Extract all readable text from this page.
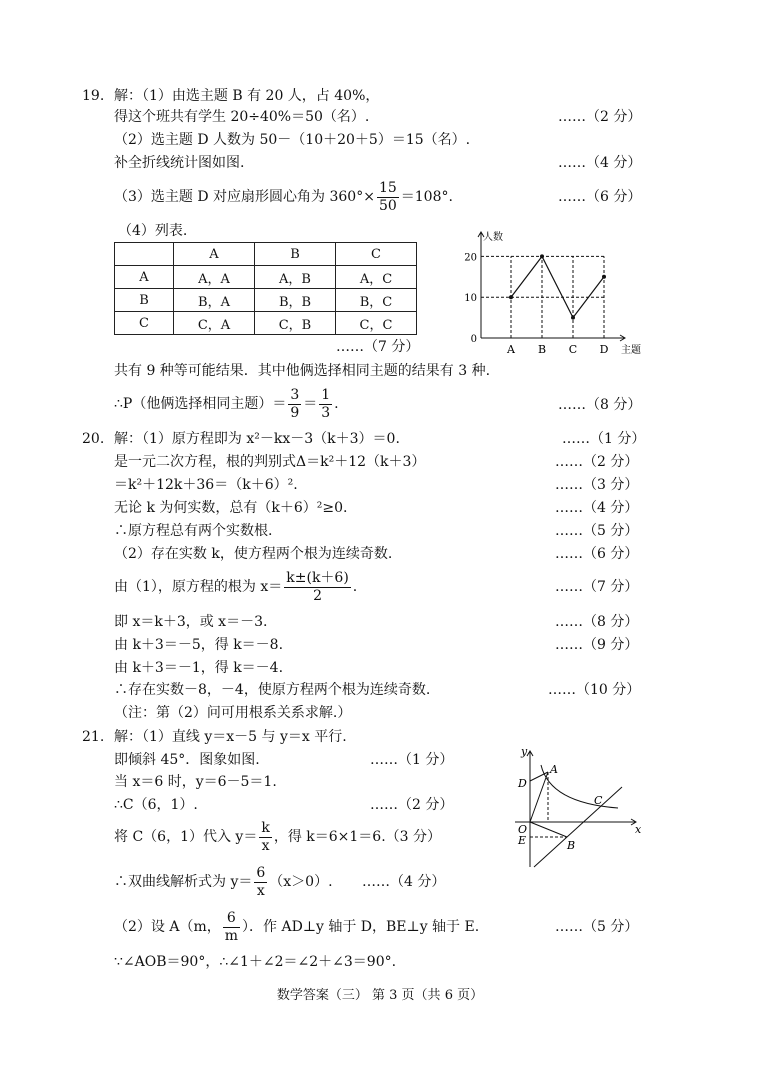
19. 解：（1）由选主题 B 有 20 人，占 40%，
得这个班共有学生 20÷40%＝50（名）.	……（2 分）
（2）选主题 D 人数为 50－（10＋20＋5）＝15（名）.
补全折线统计图如图.	……（4 分）
（3）选主题 D 对应扇形圆心角为 $360^\circ\times \frac{15}{50} =108^\circ$.	……（6 分）
（4）列表.
	A	B	C
A	A，A	A，B	A，C
B	B，A	B，B	B，C
C	C，A	C，B	C，C
……（7 分）	0
10
20
A B C D
人数
主题
共有 9 种等可能结果．其中他俩选择相同主题的结果有 3 种.
∴P（他俩选择相同主题）＝ $\frac{3}{9} = \frac{1}{3}$ .	……（8 分）
20. 解：（1）原方程即为 x²－kx－3（k＋3）＝0.	……（1 分）
是一元二次方程，根的判别式Δ＝k²＋12（k＋3）	……（2 分）
＝k²＋12k＋36＝（k＋6）².	……（3 分）
无论 k 为何实数，总有（k＋6）²≥0.	……（4 分）
∴原方程总有两个实数根.	……（5 分）
（2）存在实数 k，使方程两个根为连续奇数.	……（6 分）
由（1），原方程的根为 $x= \frac{k\pm(k+6)}{2}$ .	……（7 分）
即 x＝k＋3，或 x＝－3.	……（8 分）
由 k＋3＝－5，得 k＝－8.	……（9 分）
由 k＋3＝－1，得 k＝－4.
∴存在实数－8，－4，使原方程两个根为连续奇数.	……（10 分）
（注：第（2）问可用根系关系求解.）
21. 解：（1）直线 y＝x－5 与 y＝x 平行.
即倾斜 45°．图象如图.	……（1 分）
当 x＝6 时，y＝6－5＝1.
∴C（6，1）.	……（2 分）
将 C（6，1）代入 $y= \frac{k}{x}$ ，得 k＝6×1＝6.（3 分）
∴双曲线解析式为 $y= \frac{6}{x} (x>0)$. ……（4 分）
（2）设 A（m， $\frac{6}{m}$ ）．作 AD⊥y 轴于 D，BE⊥y 轴于 E.	……（5 分）
∵∠AOB＝90°，∴∠1＋∠2＝∠2＋∠3＝90°.
y
x
O
A
B
C
D
E
数学答案（三） 第 3 页（共 6 页）
